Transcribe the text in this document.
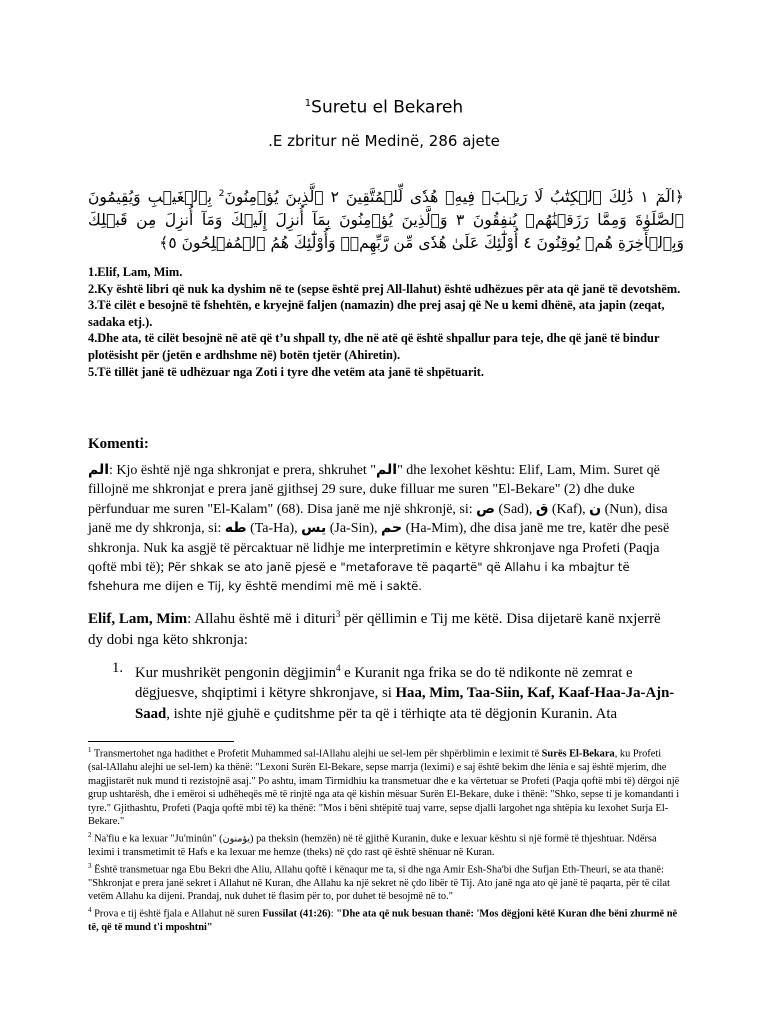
$^1$Suretu el Bekareh

.E zbritur në Medinë, 286 ajete
﴿الٓمٓ ١ ذَٰلِكَ ٱلۡكِتَٰبُ لَا رَيۡبَۛ فِيهِۛ هُدٗى لِّلۡمُتَّقِينَ ٢ ٱلَّذِينَ يُؤۡمِنُونَ$^2$ بِٱلۡغَيۡبِ وَيُقِيمُونَ ٱلصَّلَوٰةَ وَمِمَّا رَزَقۡنَٰهُمۡ يُنفِقُونَ ٣ وَٱلَّذِينَ يُؤۡمِنُونَ بِمَآ أُنزِلَ إِلَيۡكَ وَمَآ أُنزِلَ مِن قَبۡلِكَ وَبِٱلۡأٓخِرَةِ هُمۡ يُوقِنُونَ ٤ أُوْلَٰٓئِكَ عَلَىٰ هُدٗى مِّن رَّبِّهِمۡۖ وَأُوْلَٰٓئِكَ هُمُ ٱلۡمُفۡلِحُونَ ٥﴾

1.Elif, Lam, Mim.

2.Ky është libri që nuk ka dyshim në te (sepse është prej All-llahut) është udhëzues për ata që janë të devotshëm.

3.Të cilët e besojnë të fshehtën, e kryejnë faljen (namazin) dhe prej asaj që Ne u kemi dhënë, ata japin (zeqat, sadaka etj.).

4.Dhe ata, të cilët besojnë në atë që t’u shpall ty, dhe në atë që është shpallur para teje, dhe që janë të bindur plotësisht për (jetën e ardhshme në) botën tjetër (Ahiretin).

5.Të tillët janë të udhëzuar nga Zoti i tyre dhe vetëm ata janë të shpëtuarit.

Komenti:
الم: Kjo është një nga shkronjat e prera, shkruhet "الم" dhe lexohet kështu: Elif, Lam, Mim. Suret që fillojnë me shkronjat e prera janë gjithsej 29 sure, duke filluar me suren "El-Bekare" (2) dhe duke përfunduar me suren "El-Kalam" (68). Disa janë me një shkronjë, si: ص (Sad), ق (Kaf), ن (Nun), disa janë me dy shkronja, si: طه (Ta-Ha), يس (Ja-Sin), حم (Ha-Mim), dhe disa janë me tre, katër dhe pesë shkronja. Nuk ka asgjë të përcaktuar në lidhje me interpretimin e këtyre shkronjave nga Profeti (Paqja qoftë mbi të); Për shkak se ato janë pjesë e "metaforave të paqartë" që Allahu i ka mbajtur të fshehura me dijen e Tij, ky është mendimi më më i saktë.
Elif, Lam, Mim: Allahu është më i dituri$^3$ për qëllimin e Tij me këtë. Disa dijetarë kanë nxjerrë dy dobi nga këto shkronja:
1. Kur mushrikët pengonin dëgjimin$^4$ e Kuranit nga frika se do të ndikonte në zemrat e dëgjuesve, shqiptimi i këtyre shkronjave, si Haa, Mim, Taa-Siin, Kaf, Kaaf-Haa-Ja-Ajn-Saad, ishte një gjuhë e çuditshme për ta që i tërhiqte ata të dëgjonin Kuranin. Ata

$^1$ Transmertohet nga hadithet e Profetit Muhammed sal-lAllahu alejhi ue sel-lem për shpërblimin e leximit të Surës El-Bekara, ku Profeti (sal-lAllahu alejhi ue sel-lem) ka thënë: "Lexoni Surën El-Bekare, sepse marrja (leximi) e saj është bekim dhe lënia e saj është mjerim, dhe magjistarët nuk mund ti rezistojnë asaj." Po ashtu, imam Tirmidhiu ka transmetuar dhe e ka vërtetuar se Profeti (Paqja qoftë mbi të) dërgoi një grup ushtarësh, dhe i emëroi si udhëheqës më të rinjtë nga ata që kishin mësuar Surën El-Bekare, duke i thënë: "Shko, sepse ti je komandanti i tyre." Gjithashtu, Profeti (Paqja qoftë mbi të) ka thënë: "Mos i bëni shtëpitë tuaj varre, sepse djalli largohet nga shtëpia ku lexohet Surja El-Bekare."

$^2$ Na'fiu e ka lexuar "Ju'minûn" (يؤمنون) pa theksin (hemzën) në të gjithë Kuranin, duke e lexuar kështu si një formë të thjeshtuar. Ndërsa leximi i transmetimit të Hafs e ka lexuar me hemze (theks) në çdo rast që është shënuar në Kuran.

$^3$ Është transmetuar nga Ebu Bekri dhe Aliu, Allahu qoftë i kënaqur me ta, si dhe nga Amir Esh-Sha'bi dhe Sufjan Eth-Theuri, se ata thanë: "Shkronjat e prera janë sekret i Allahut në Kuran, dhe Allahu ka një sekret në çdo libër të Tij. Ato janë nga ato që janë të paqarta, për të cilat vetëm Allahu ka dijeni. Prandaj, nuk duhet të flasim për to, por duhet të besojmë në to."

$^4$ Prova e tij është fjala e Allahut në suren Fussilat (41:26): "Dhe ata që nuk besuan thanë: 'Mos dëgjoni këtë Kuran dhe bëni zhurmë në të, që të mund t'i mposhtni"
